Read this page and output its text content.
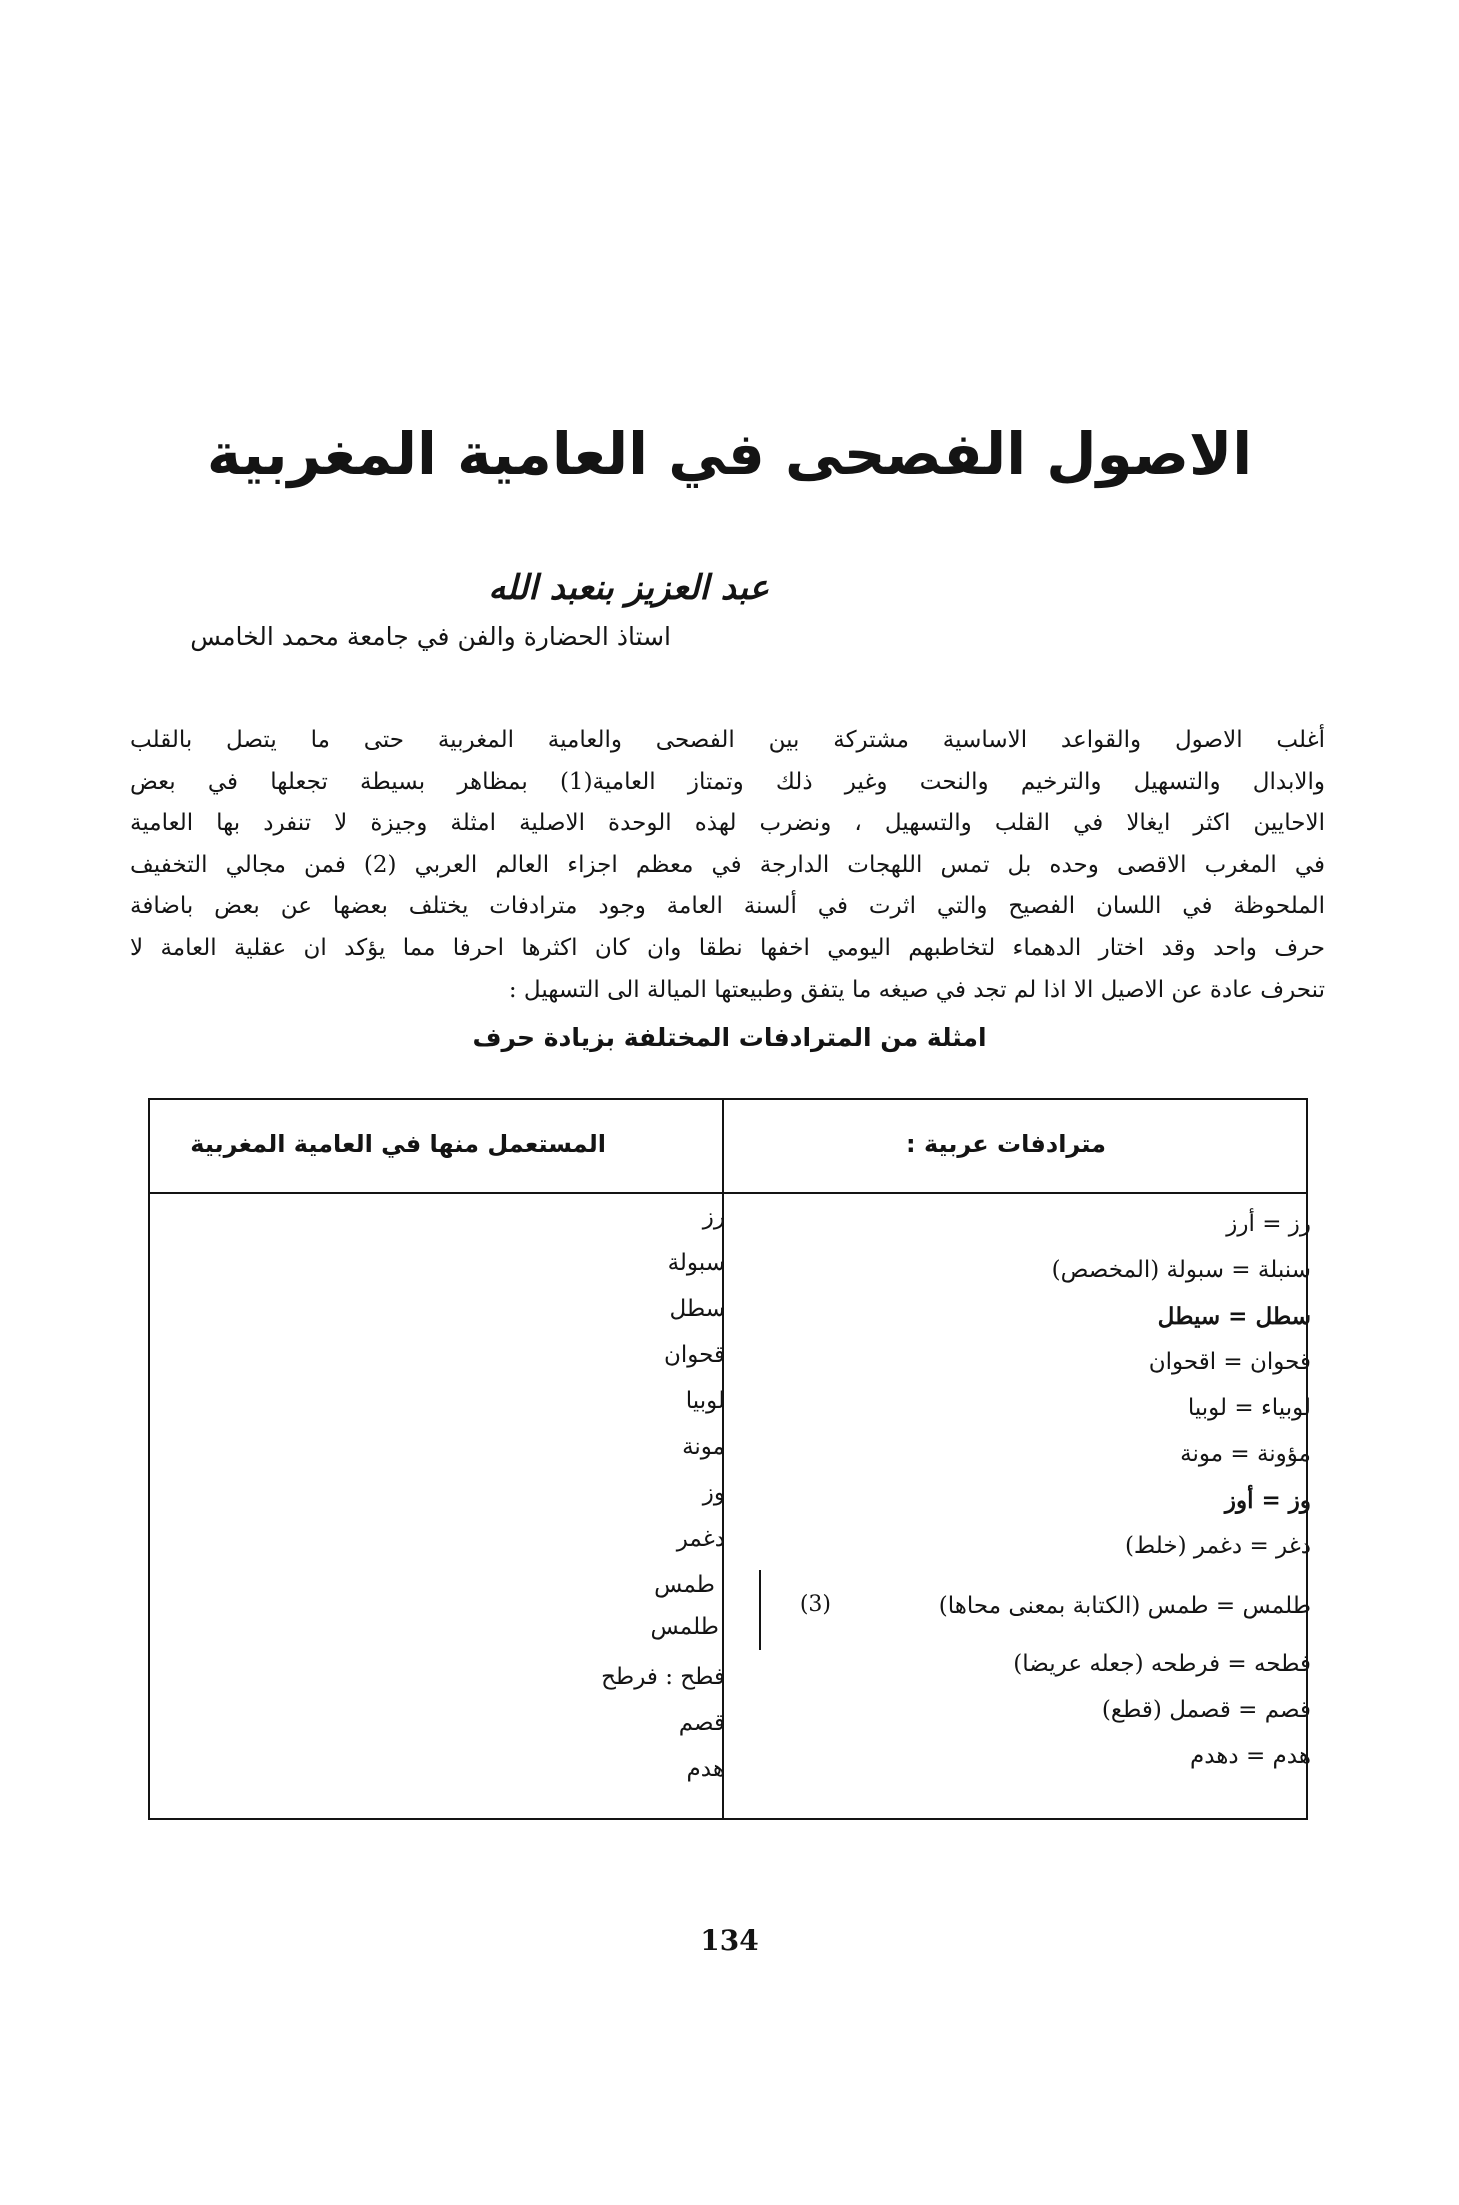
الاصول الفصحى في العامية المغربية
عبد العزيز بنعبد الله
استاذ الحضارة والفن في جامعة محمد الخامس
أغلب الاصول والقواعد الاساسية مشتركة بين الفصحى والعامية المغربية حتى ما يتصل بالقلب
والابدال والتسهيل والترخيم والنحت وغير ذلك وتمتاز العامية(1) بمظاهر بسيطة تجعلها في بعض
الاحايين اكثر ايغالا في القلب والتسهيل ، ونضرب لهذه الوحدة الاصلية امثلة وجيزة لا تنفرد بها العامية
في المغرب الاقصى وحده بل تمس اللهجات الدارجة في معظم اجزاء العالم العربي (2) فمن مجالي التخفيف
الملحوظة في اللسان الفصيح والتي اثرت في ألسنة العامة وجود مترادفات يختلف بعضها عن بعض باضافة
حرف واحد وقد اختار الدهماء لتخاطبهم اليومي اخفها نطقا وان كان اكثرها احرفا مما يؤكد ان عقلية العامة لا
تنحرف عادة عن الاصيل الا اذا لم تجد في صيغه ما يتفق وطبيعتها الميالة الى التسهيل :
امثلة من المترادفات المختلفة بزيادة حرف
مترادفات عربية :
المستعمل منها في العامية المغربية
رز = أرز
سنبلة = سبولة (المخصص)
سطل = سيطل
قحوان = اقحوان
لوبياء = لوبيا
مؤونة = مونة
وز = أوز
دغر = دغمر (خلط)
طلمس = طمس (الكتابة بمعنى محاها)
فطحه = فرطحه (جعله عريضا)
قصم = قصمل (قطع)
هدم = دهدم
رز
سبولة
سطل
قحوان
لوبيا
مونة
وز
دغمر
طمس
طلمس
(3)
فطح : فرطح
قصم
هدم
134
